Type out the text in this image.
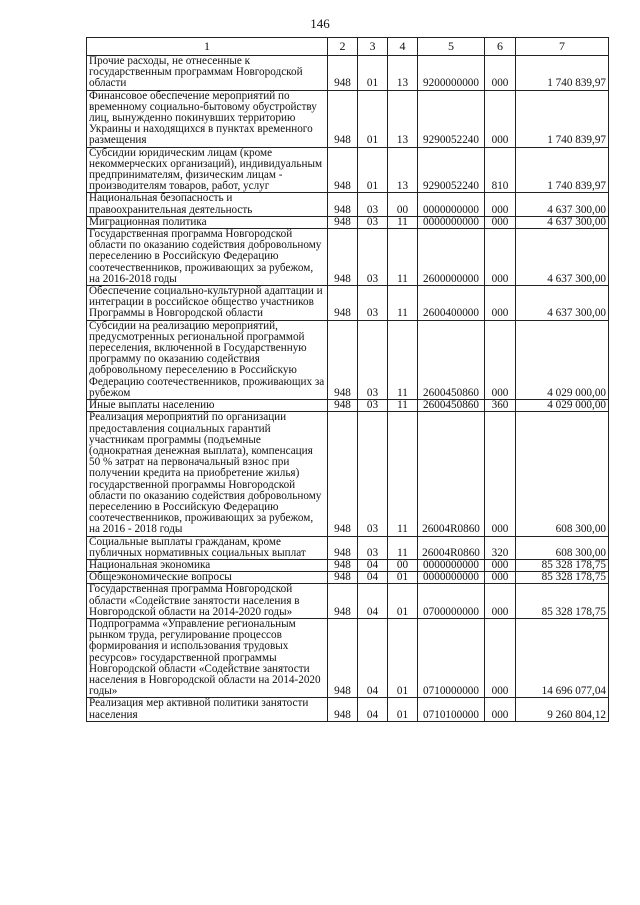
146
1	2	3	4	5	6	7
Прочие расходы, не отнесенные к государственным программам Новгородской области	948	01	13	9200000000	000	1 740 839,97
Финансовое обеспечение мероприятий по временному социально-бытовому обустройству лиц, вынужденно покинувших территорию Украины и находящихся в пунктах временного размещения	948	01	13	9290052240	000	1 740 839,97
Субсидии юридическим лицам (кроме некоммерческих организаций), индивидуальным предпринимателям, физическим лицам - производителям товаров, работ, услуг	948	01	13	9290052240	810	1 740 839,97
Национальная безопасность и правоохранительная деятельность	948	03	00	0000000000	000	4 637 300,00
Миграционная политика	948	03	11	0000000000	000	4 637 300,00
Государственная программа Новгородской области по оказанию содействия добровольному переселению в Российскую Федерацию соотечественников, проживающих за рубежом, на 2016-2018 годы	948	03	11	2600000000	000	4 637 300,00
Обеспечение социально-культурной адаптации и интеграции в российское общество участников Программы в Новгородской области	948	03	11	2600400000	000	4 637 300,00
Субсидии на реализацию мероприятий, предусмотренных региональной программой переселения, включенной в Государственную программу по оказанию содействия добровольному переселению в Российскую Федерацию соотечественников, проживающих за рубежом	948	03	11	2600450860	000	4 029 000,00
Иные выплаты населению	948	03	11	2600450860	360	4 029 000,00
Реализация мероприятий по организации предоставления социальных гарантий участникам программы (подъемные (однократная денежная выплата), компенсация 50 % затрат на первоначальный взнос при получении кредита на приобретение жилья) государственной программы Новгородской области по оказанию содействия добровольному переселению в Российскую Федерацию соотечественников, проживающих за рубежом, на 2016 - 2018 годы	948	03	11	26004R0860	000	608 300,00
Социальные выплаты гражданам, кроме публичных нормативных социальных выплат	948	03	11	26004R0860	320	608 300,00
Национальная экономика	948	04	00	0000000000	000	85 328 178,75
Общеэкономические вопросы	948	04	01	0000000000	000	85 328 178,75
Государственная программа Новгородской области «Содействие занятости населения в Новгородской области на 2014-2020 годы»	948	04	01	0700000000	000	85 328 178,75
Подпрограмма «Управление региональным рынком труда, регулирование процессов формирования и использования трудовых ресурсов» государственной программы Новгородской области «Содействие занятости населения в Новгородской области на 2014-2020 годы»	948	04	01	0710000000	000	14 696 077,04
Реализация мер активной политики занятости населения	948	04	01	0710100000	000	9 260 804,12
